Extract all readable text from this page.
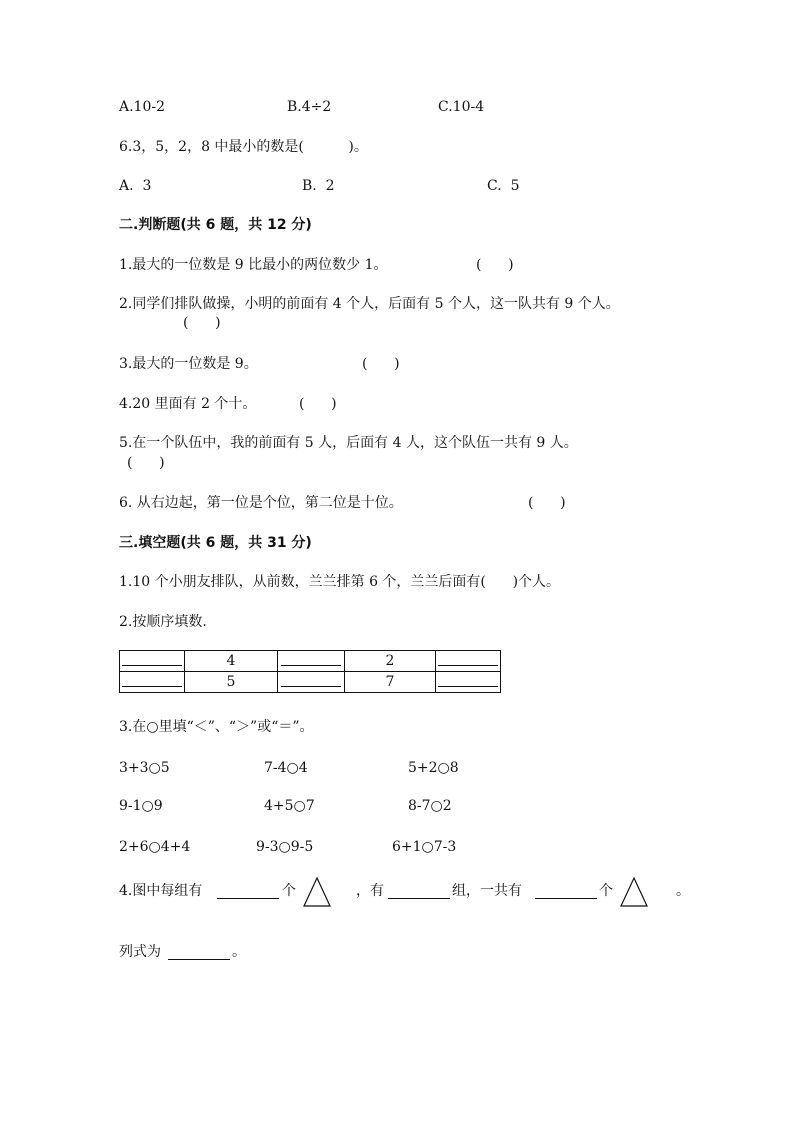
A.10-2	B.4÷2	C.10-4
6.3，5，2，8 中最小的数是(          )。
A.  3	B.  2	C.  5
二.判断题(共 6 题，共 12 分)
1.最大的一位数是 9 比最小的两位数少 1。	(      )
2.同学们排队做操，小明的前面有 4 个人，后面有 5 个人，这一队共有 9 个人。
(      )
3.最大的一位数是 9。	(      )
4.20 里面有 2 个十。	(      )
5.在一个队伍中，我的前面有 5 人，后面有 4 人，这个队伍一共有 9 人。
(      )
6. 从右边起，第一位是个位，第二位是十位。	(      )
三.填空题(共 6 题，共 31 分)
1.10 个小朋友排队，从前数，兰兰排第 6 个，兰兰后面有(      )个人。
2.按顺序填数.
	4		2	
	5		7	
3.在○里填“＜”、“＞”或“＝”。
3+3○5	7-4○4	5+2○8
9-1○9	4+5○7	8-7○2
2+6○4+4	9-3○9-5	6+1○7-3
4.图中每组有	个	，有	组，一共有	个	。
列式为	。
